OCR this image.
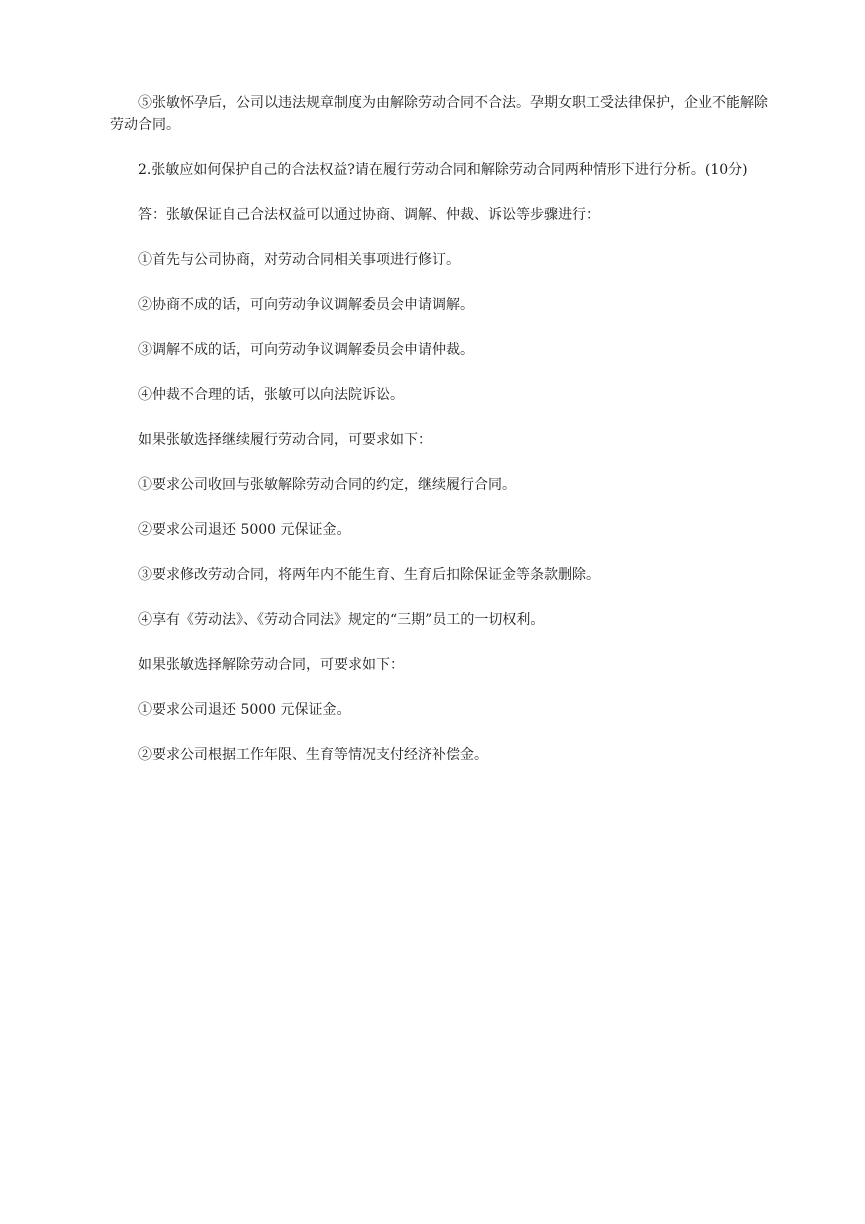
⑤张敏怀孕后，公司以违法规章制度为由解除劳动合同不合法。孕期女职工受法律保护，企业不能解除劳动合同。

2.张敏应如何保护自己的合法权益?请在履行劳动合同和解除劳动合同两种情形下进行分析。(10分)

答：张敏保证自己合法权益可以通过协商、调解、仲裁、诉讼等步骤进行：

①首先与公司协商，对劳动合同相关事项进行修订。

②协商不成的话，可向劳动争议调解委员会申请调解。

③调解不成的话，可向劳动争议调解委员会申请仲裁。

④仲裁不合理的话，张敏可以向法院诉讼。

如果张敏选择继续履行劳动合同，可要求如下：

①要求公司收回与张敏解除劳动合同的约定，继续履行合同。

②要求公司退还 5000 元保证金。

③要求修改劳动合同，将两年内不能生育、生育后扣除保证金等条款删除。

④享有《劳动法》、《劳动合同法》规定的“三期”员工的一切权利。

如果张敏选择解除劳动合同，可要求如下：

①要求公司退还 5000 元保证金。

②要求公司根据工作年限、生育等情况支付经济补偿金。
